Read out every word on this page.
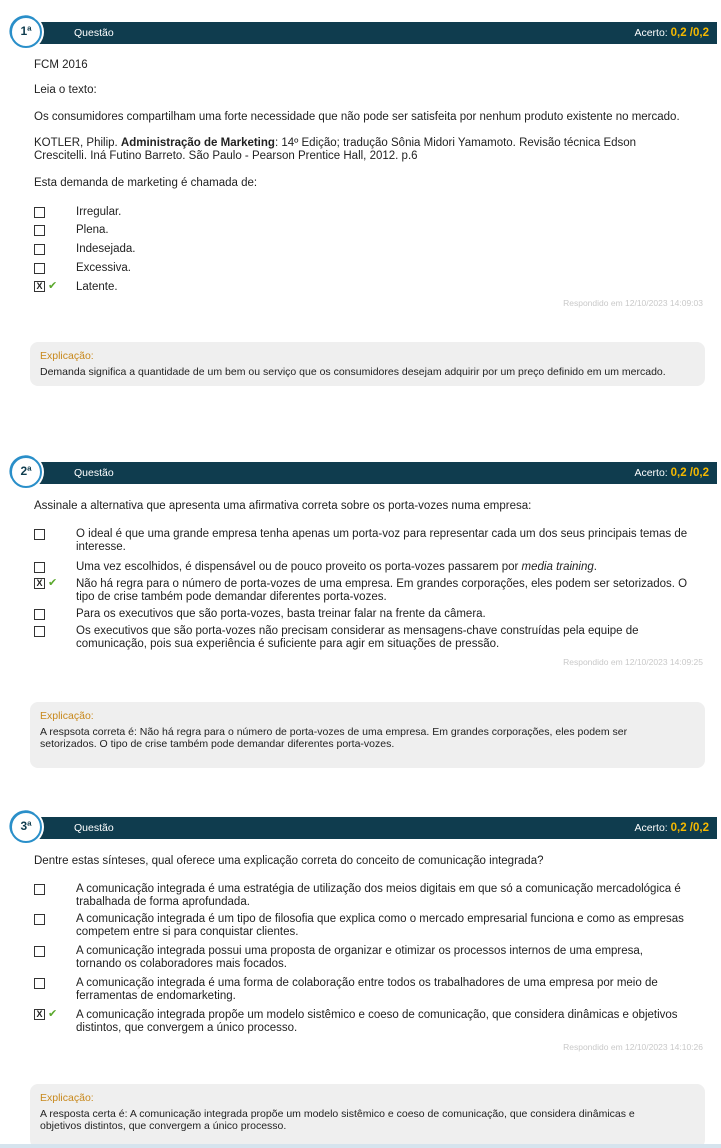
Questão	Acerto: 0,2 /0,2
1ª

FCM 2016

Leia o texto:

Os consumidores compartilham uma forte necessidade que não pode ser satisfeita por nenhum produto existente no mercado.

KOTLER, Philip. Administração de Marketing: 14º Edição; tradução Sônia Midori Yamamoto. Revisão técnica Edson

Crescitelli. Iná Futino Barreto. São Paulo - Pearson Prentice Hall, 2012. p.6

Esta demanda de marketing é chamada de:

Irregular.
Plena.
Indesejada.
Excessiva.
X ✔ Latente.
Respondido em 12/10/2023 14:09:03
Explicação:
Demanda significa a quantidade de um bem ou serviço que os consumidores desejam adquirir por um preço definido em um mercado.
Questão	Acerto: 0,2 /0,2
2ª

Assinale a alternativa que apresenta uma afirmativa correta sobre os porta-vozes numa empresa:

O ideal é que uma grande empresa tenha apenas um porta-voz para representar cada um dos seus principais temas de
interesse.
Uma vez escolhidos, é dispensável ou de pouco proveito os porta-vozes passarem por media training.
X ✔ Não há regra para o número de porta-vozes de uma empresa. Em grandes corporações, eles podem ser setorizados. O
tipo de crise também pode demandar diferentes porta-vozes.
Para os executivos que são porta-vozes, basta treinar falar na frente da câmera.
Os executivos que são porta-vozes não precisam considerar as mensagens-chave construídas pela equipe de
comunicação, pois sua experiência é suficiente para agir em situações de pressão.
Respondido em 12/10/2023 14:09:25
Explicação:
A respsota correta é: Não há regra para o número de porta-vozes de uma empresa. Em grandes corporações, eles podem ser
setorizados. O tipo de crise também pode demandar diferentes porta-vozes.
Questão	Acerto: 0,2 /0,2
3ª

Dentre estas sínteses, qual oferece uma explicação correta do conceito de comunicação integrada?

A comunicação integrada é uma estratégia de utilização dos meios digitais em que só a comunicação mercadológica é
trabalhada de forma aprofundada.
A comunicação integrada é um tipo de filosofia que explica como o mercado empresarial funciona e como as empresas
competem entre si para conquistar clientes.
A comunicação integrada possui uma proposta de organizar e otimizar os processos internos de uma empresa,
tornando os colaboradores mais focados.
A comunicação integrada é uma forma de colaboração entre todos os trabalhadores de uma empresa por meio de
ferramentas de endomarketing.
X ✔ A comunicação integrada propõe um modelo sistêmico e coeso de comunicação, que considera dinâmicas e objetivos
distintos, que convergem a único processo.
Respondido em 12/10/2023 14:10:26
Explicação:
A resposta certa é: A comunicação integrada propõe um modelo sistêmico e coeso de comunicação, que considera dinâmicas e
objetivos distintos, que convergem a único processo.
